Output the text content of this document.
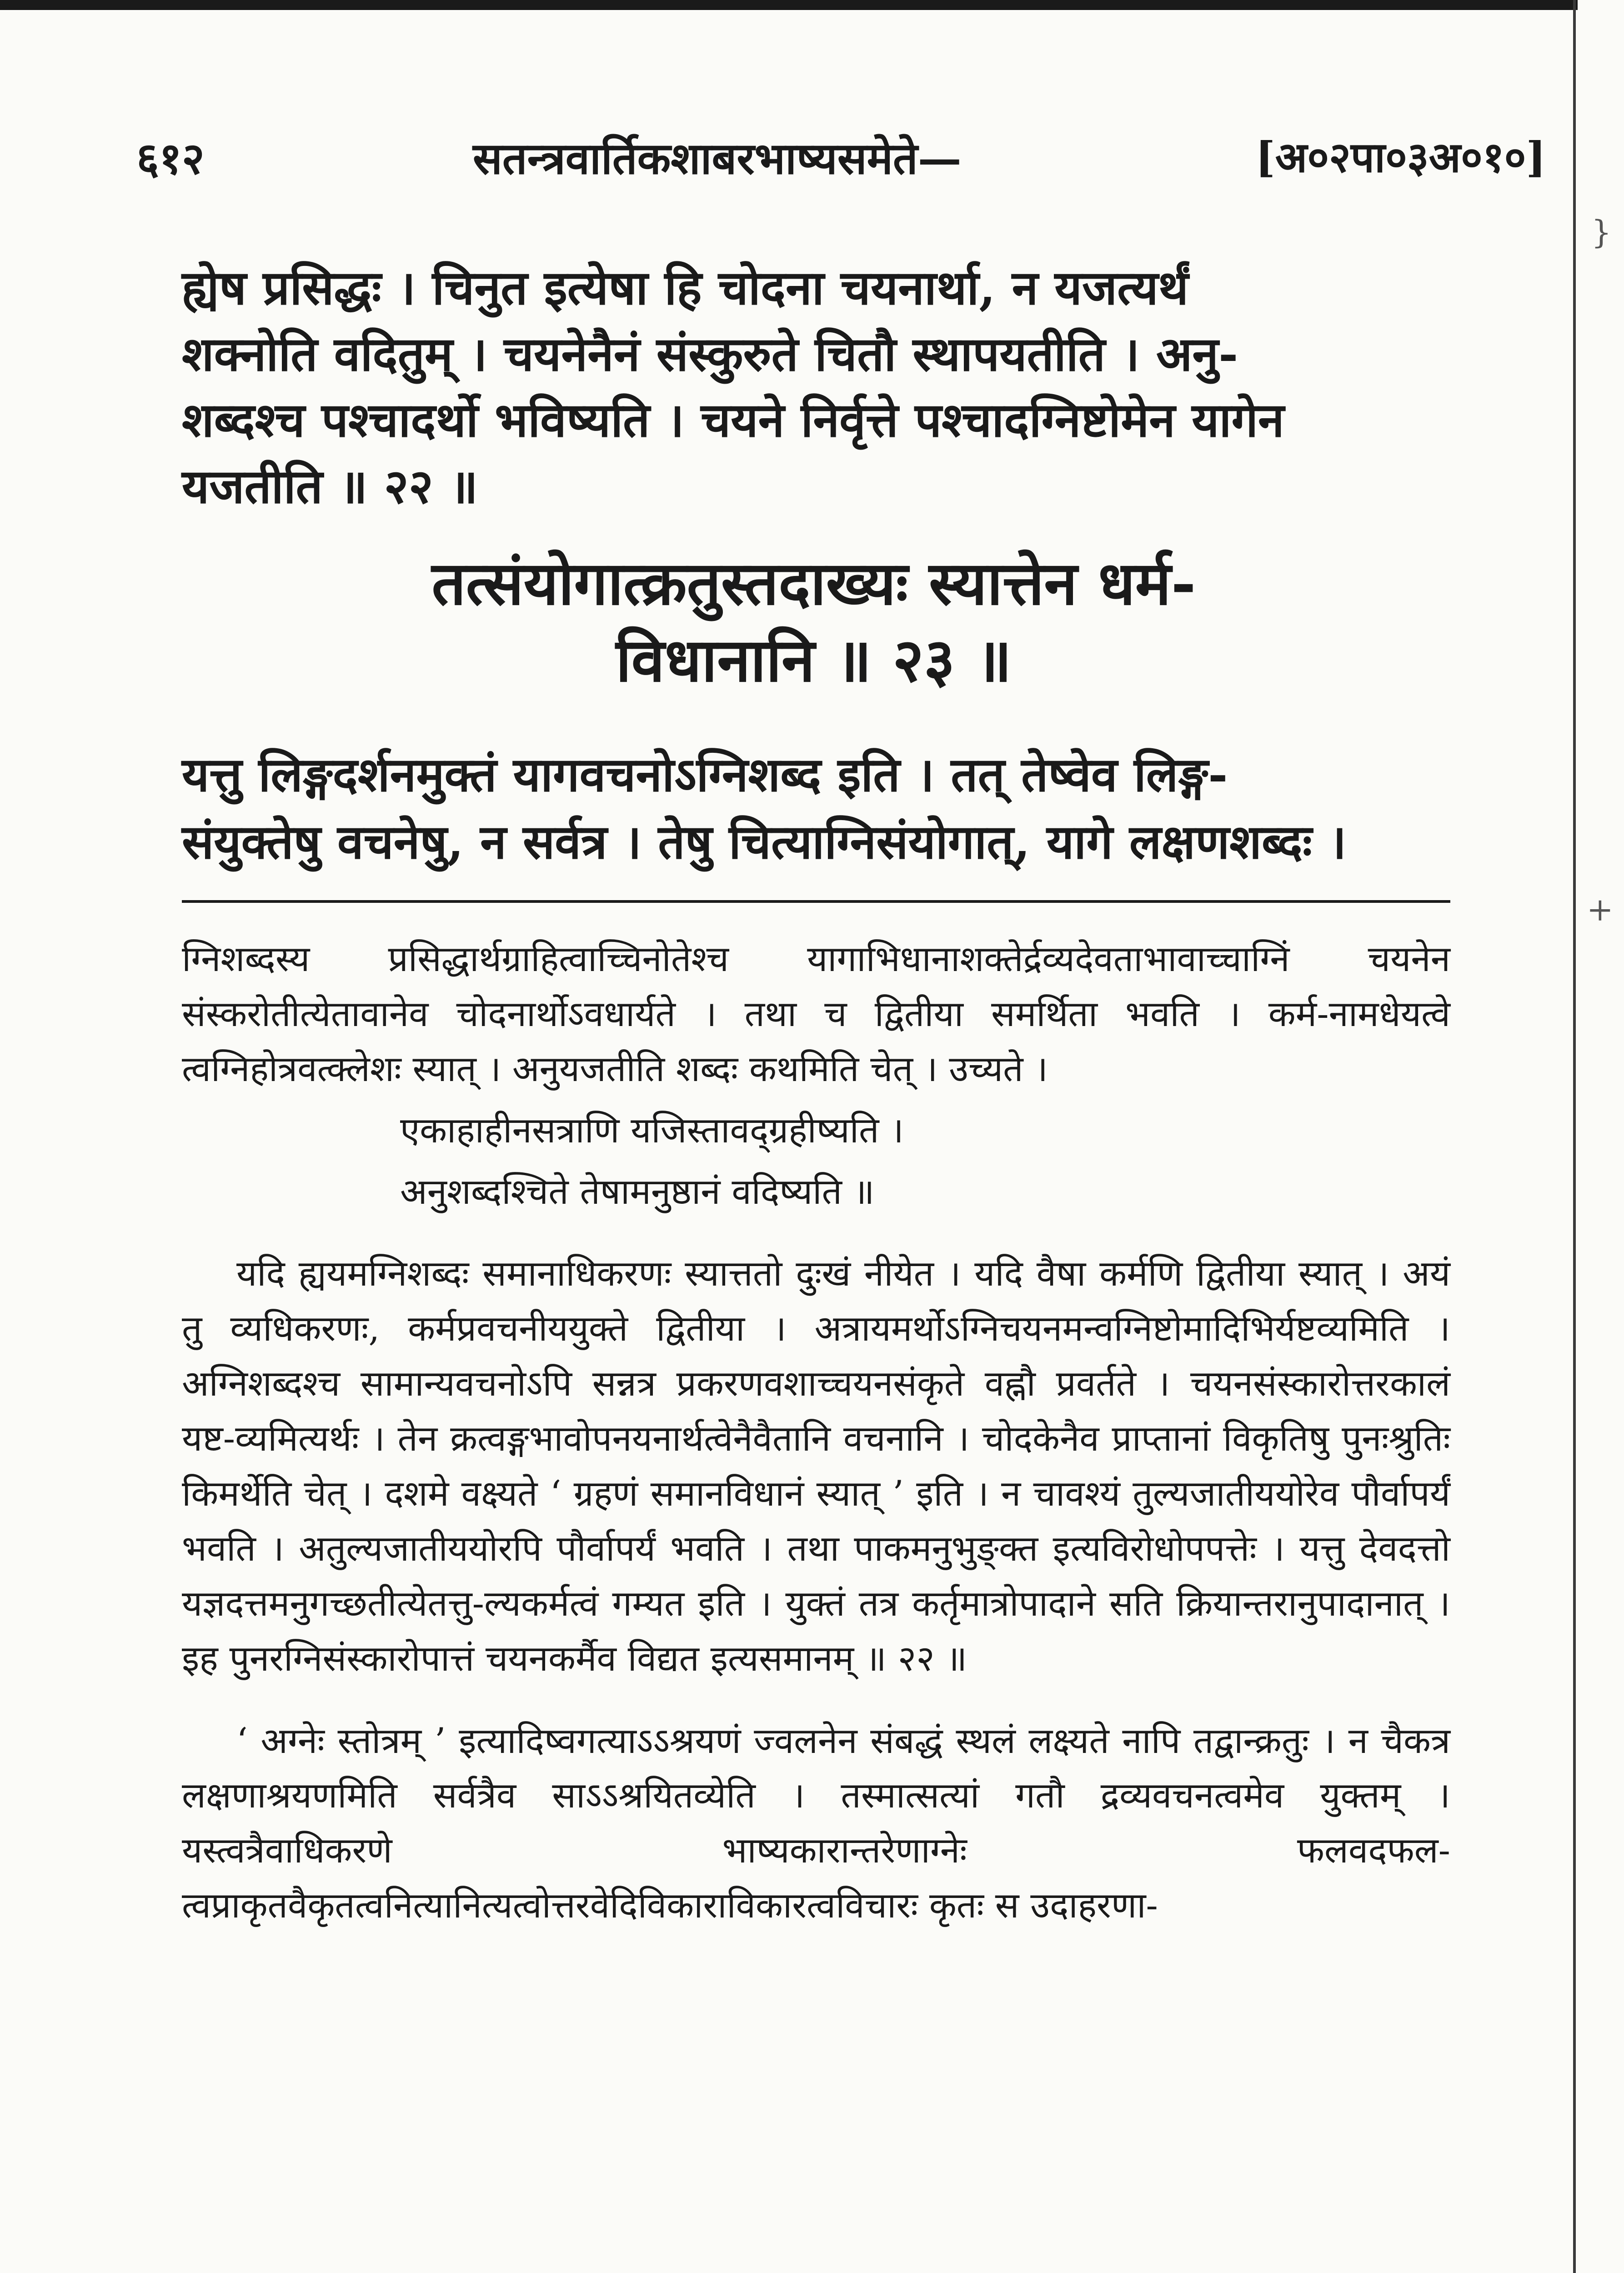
६१२	सतन्त्रवार्तिकशाबरभाष्यसमेते—	[अ०२पा०३अ०१०]

ह्येष प्रसिद्धः । चिनुत इत्येषा हि चोदना चयनार्था, न यजत्यर्थं

शक्नोति वदितुम् । चयनेनैनं संस्कुरुते चितौ स्थापयतीति । अनु-

शब्दश्च पश्चादर्थो भविष्यति । चयने निर्वृत्ते पश्चादग्निष्टोमेन यागेन

यजतीति ॥ २२ ॥

तत्संयोगात्क्रतुस्तदाख्यः स्यात्तेन धर्म-
विधानानि ॥ २३ ॥

यत्तु लिङ्गदर्शनमुक्तं यागवचनोऽग्निशब्द इति । तत् तेष्वेव लिङ्ग-

संयुक्तेषु वचनेषु, न सर्वत्र । तेषु चित्याग्निसंयोगात्, यागे लक्षणशब्दः ।

ग्निशब्दस्य प्रसिद्धार्थग्राहित्वाच्चिनोतेश्च यागाभिधानाशक्तेर्द्रव्यदेवताभावाच्चाग्निं चयनेन संस्करोतीत्येतावानेव चोदनार्थोऽवधार्यते । तथा च द्वितीया समर्थिता भवति । कर्म-नामधेयत्वे त्वग्निहोत्रवत्क्लेशः स्यात् । अनुयजतीति शब्दः कथमिति चेत् । उच्यते ।

एकाहाहीनसत्राणि यजिस्तावद्ग्रहीष्यति ।

अनुशब्दश्चिते तेषामनुष्ठानं वदिष्यति ॥

यदि ह्ययमग्निशब्दः समानाधिकरणः स्यात्ततो दुःखं नीयेत । यदि वैषा कर्मणि द्वितीया स्यात् । अयं तु व्यधिकरणः, कर्मप्रवचनीययुक्ते द्वितीया । अत्रायमर्थोऽग्निचयनमन्वग्निष्टोमादिभिर्यष्टव्यमिति । अग्निशब्दश्च सामान्यवचनोऽपि सन्नत्र प्रकरणवशाच्चयनसंकृते वह्नौ प्रवर्तते । चयनसंस्कारोत्तरकालं यष्ट-व्यमित्यर्थः । तेन क्रत्वङ्गभावोपनयनार्थत्वेनैवैतानि वचनानि । चोदकेनैव प्राप्तानां विकृतिषु पुनःश्रुतिः किमर्थेति चेत् । दशमे वक्ष्यते ‘ ग्रहणं समानविधानं स्यात् ’ इति । न चावश्यं तुल्यजातीययोरेव पौर्वापर्यं भवति । अतुल्यजातीययोरपि पौर्वापर्यं भवति । तथा पाकमनुभुङ्क्त इत्यविरोधोपपत्तेः । यत्तु देवदत्तो यज्ञदत्तमनुगच्छतीत्येतत्तु-ल्यकर्मत्वं गम्यत इति । युक्तं तत्र कर्तृमात्रोपादाने सति क्रियान्तरानुपादानात् । इह पुनरग्निसंस्कारोपात्तं चयनकर्मैव विद्यत इत्यसमानम् ॥ २२ ॥

‘ अग्नेः स्तोत्रम् ’ इत्यादिष्वगत्याऽऽश्रयणं ज्वलनेन संबद्धं स्थलं लक्ष्यते नापि तद्वान्क्रतुः । न चैकत्र लक्षणाश्रयणमिति सर्वत्रैव साऽऽश्रयितव्येति । तस्मात्सत्यां गतौ द्रव्यवचनत्वमेव युक्तम् । यस्त्वत्रैवाधिकरणे भाष्यकारान्तरेणाग्नेः फलवदफल-त्वप्राकृतवैकृतत्वनित्यानित्यत्वोत्तरवेदिविकाराविकारत्वविचारः कृतः स उदाहरणा-

}
+
